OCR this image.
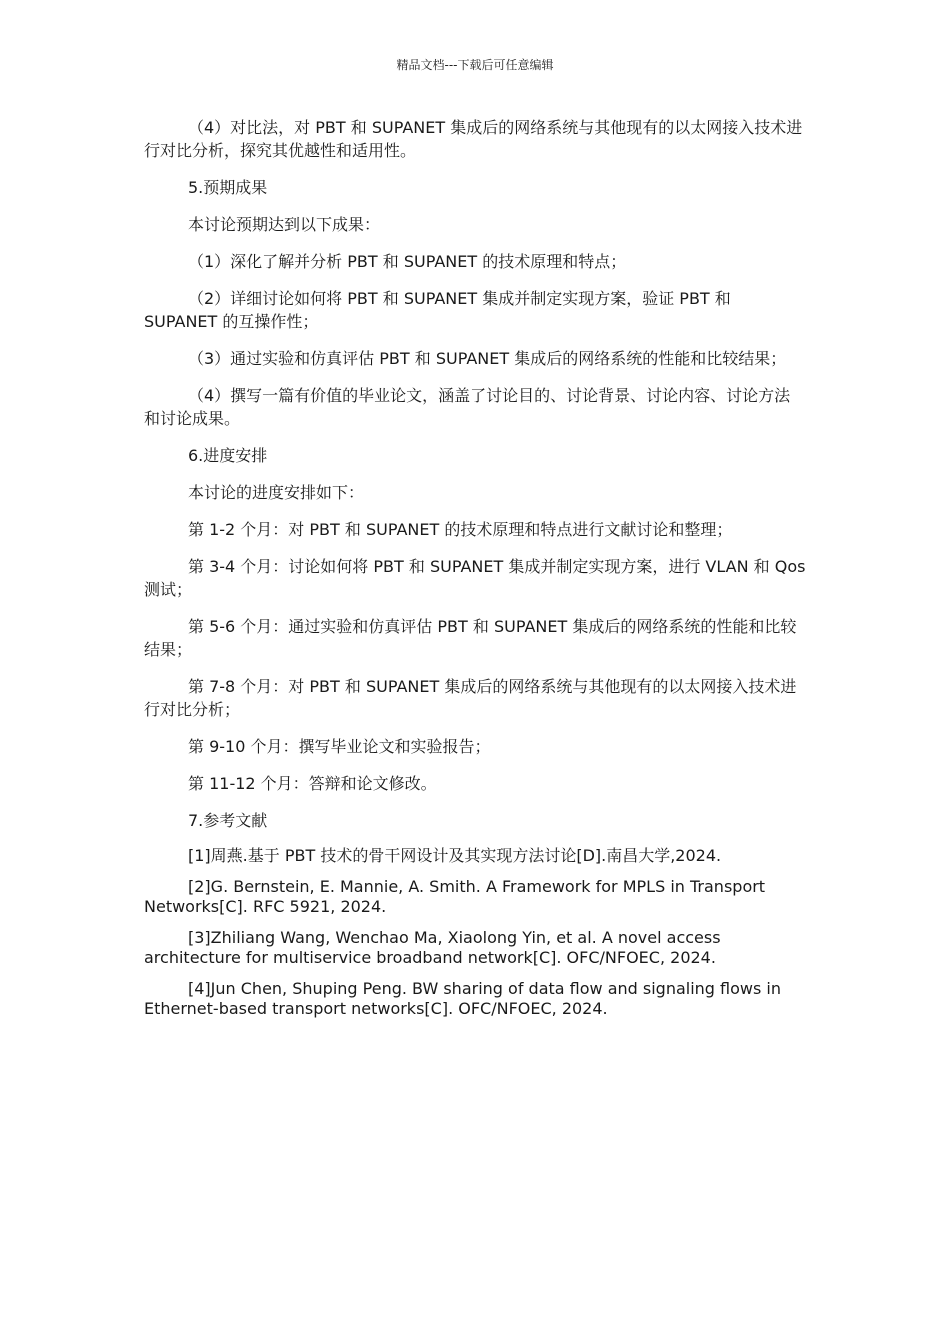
精品文档---下载后可任意编辑

（4）对比法，对 PBT 和 SUPANET 集成后的网络系统与其他现有的以太网接入技术进行对比分析，探究其优越性和适用性。

5.预期成果

本讨论预期达到以下成果：

（1）深化了解并分析 PBT 和 SUPANET 的技术原理和特点；

（2）详细讨论如何将 PBT 和 SUPANET 集成并制定实现方案，验证 PBT 和 SUPANET 的互操作性；

（3）通过实验和仿真评估 PBT 和 SUPANET 集成后的网络系统的性能和比较结果；

（4）撰写一篇有价值的毕业论文，涵盖了讨论目的、讨论背景、讨论内容、讨论方法和讨论成果。

6.进度安排

本讨论的进度安排如下：

第 1-2 个月：对 PBT 和 SUPANET 的技术原理和特点进行文献讨论和整理；

第 3-4 个月：讨论如何将 PBT 和 SUPANET 集成并制定实现方案，进行 VLAN 和 Qos 测试；

第 5-6 个月：通过实验和仿真评估 PBT 和 SUPANET 集成后的网络系统的性能和比较结果；

第 7-8 个月：对 PBT 和 SUPANET 集成后的网络系统与其他现有的以太网接入技术进行对比分析；

第 9-10 个月：撰写毕业论文和实验报告；

第 11-12 个月：答辩和论文修改。

7.参考文献

[1]周燕.基于 PBT 技术的骨干网设计及其实现方法讨论[D].南昌大学,2024.

[2]G. Bernstein, E. Mannie, A. Smith. A Framework for MPLS in Transport Networks[C]. RFC 5921, 2024.

[3]Zhiliang Wang, Wenchao Ma, Xiaolong Yin, et al. A novel access architecture for multiservice broadband network[C]. OFC/NFOEC, 2024.

[4]Jun Chen, Shuping Peng. BW sharing of data flow and signaling flows in Ethernet-based transport networks[C]. OFC/NFOEC, 2024.
